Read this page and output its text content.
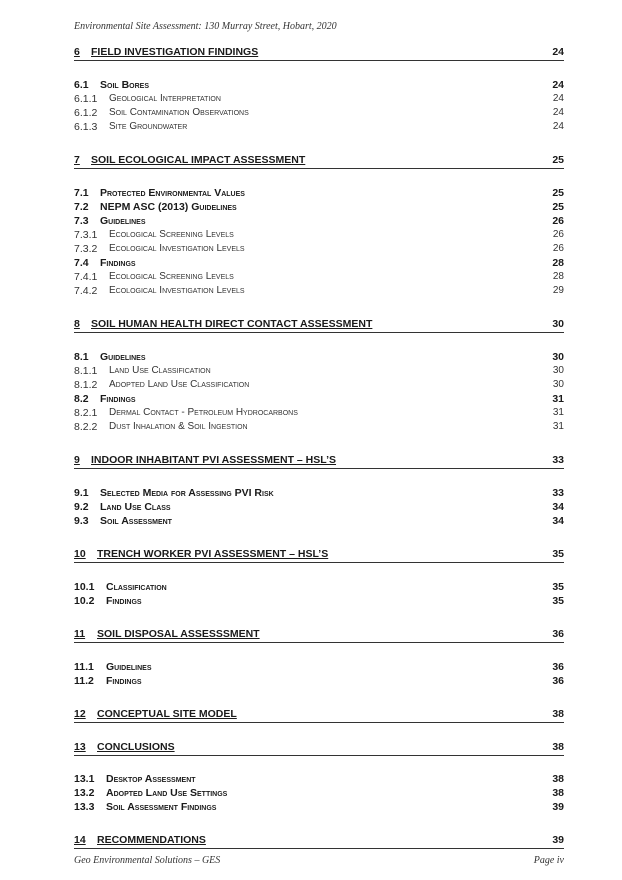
Environmental Site Assessment: 130 Murray Street, Hobart, 2020
6 FIELD INVESTIGATION FINDINGS	24
6.1 Soil Bores	24
6.1.1 Geological Interpretation	24
6.1.2 Soil Contamination Observations	24
6.1.3 Site Groundwater	24
7 SOIL ECOLOGICAL IMPACT ASSESSMENT	25
7.1 Protected Environmental Values	25
7.2 NEPM ASC (2013) Guidelines	25
7.3 Guidelines	26
7.3.1 Ecological Screening Levels	26
7.3.2 Ecological Investigation Levels	26
7.4 Findings	28
7.4.1 Ecological Screening Levels	28
7.4.2 Ecological Investigation Levels	29
8 SOIL HUMAN HEALTH DIRECT CONTACT ASSESSMENT	30
8.1 Guidelines	30
8.1.1 Land Use Classification	30
8.1.2 Adopted Land Use Classification	30
8.2 Findings	31
8.2.1 Dermal Contact - Petroleum Hydrocarbons	31
8.2.2 Dust Inhalation & Soil Ingestion	31
9 INDOOR INHABITANT PVI ASSESSMENT – HSL’S	33
9.1 Selected Media for Assessing PVI Risk	33
9.2 Land Use Class	34
9.3 Soil Assessment	34
10 TRENCH WORKER PVI ASSESSMENT – HSL’S	35
10.1 Classification	35
10.2 Findings	35
11 SOIL DISPOSAL ASSESSSMENT	36
11.1 Guidelines	36
11.2 Findings	36
12 CONCEPTUAL SITE MODEL	38
13 CONCLUSIONS	38
13.1 Desktop Assessment	38
13.2 Adopted Land Use Settings	38
13.3 Soil Assessment Findings	39
14 RECOMMENDATIONS	39
Geo Environmental Solutions – GES	Page iv
